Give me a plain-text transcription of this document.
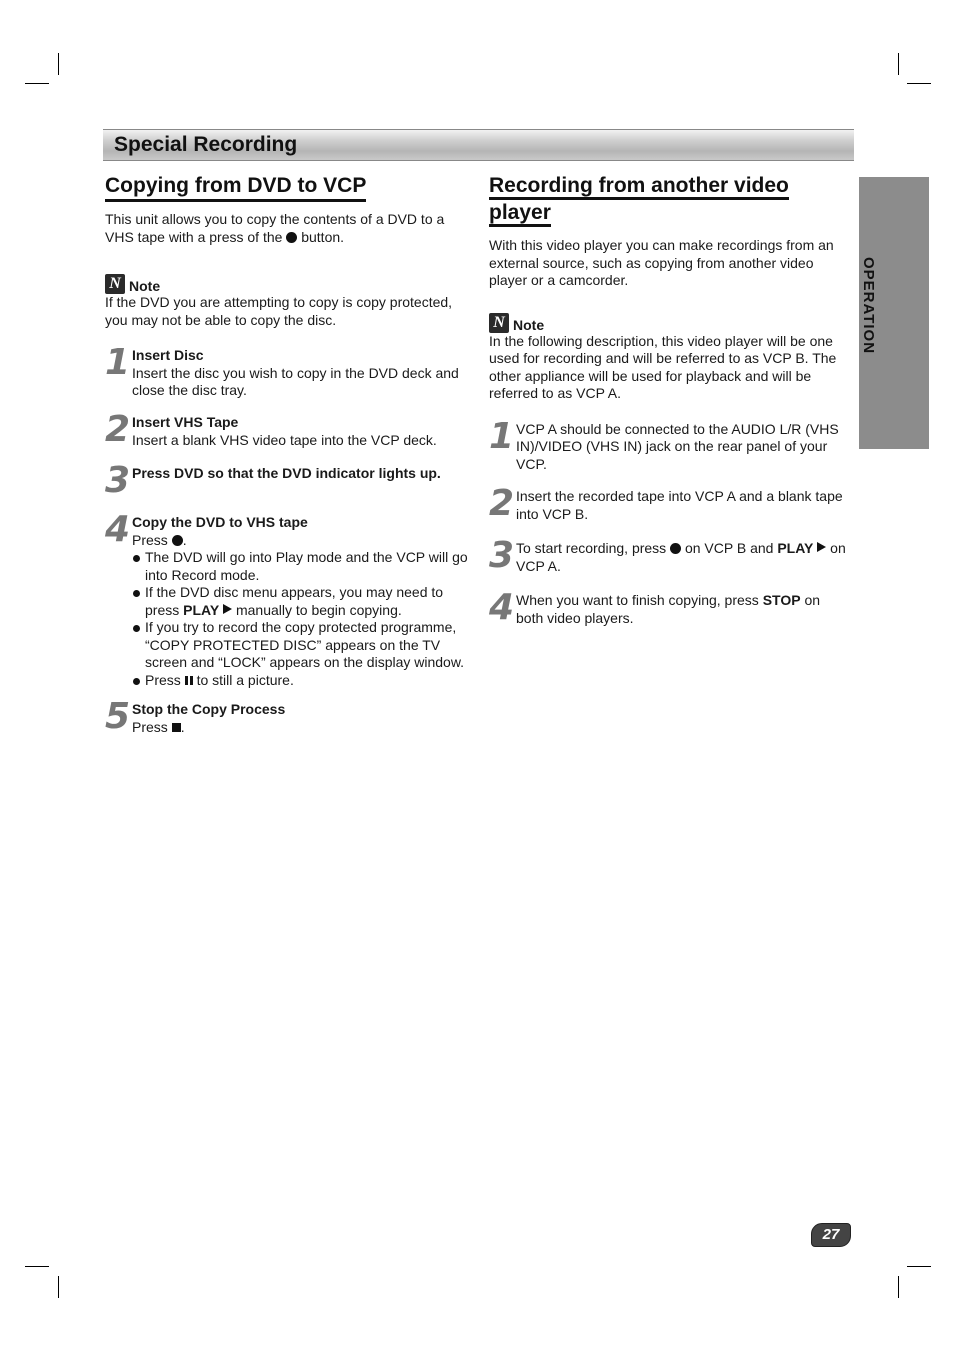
Special Recording
OPERATION
Copying from DVD to VCP

This unit allows you to copy the contents of a DVD to a VHS tape with a press of the button.

N Note

If the DVD you are attempting to copy is copy protected, you may not be able to copy the disc.

1 Insert Disc

Insert the disc you wish to copy in the DVD deck and close the disc tray.

2 Insert VHS Tape

Insert a blank VHS video tape into the VCP deck.

3 Press DVD so that the DVD indicator lights up.
4 Copy the DVD to VHS tape

Press .

The DVD will go into Play mode and the VCP will go into Record mode.
If the DVD disc menu appears, you may need to press PLAY manually to begin copying.
If you try to record the copy protected programme, “COPY PROTECTED DISC” appears on the TV screen and “LOCK” appears on the display window.
Press to still a picture.
5 Stop the Copy Process

Press .

Recording from another video
player

With this video player you can make recordings from an external source, such as copying from another video player or a camcorder.

N Note

In the following description, this video player will be one used for recording and will be referred to as VCP B. The other appliance will be used for playback and will be referred to as VCP A.

1 VCP A should be connected to the AUDIO L/R (VHS IN)/VIDEO (VHS IN) jack on the rear panel of your VCP.

2 Insert the recorded tape into VCP A and a blank tape into VCP B.

3 To start recording, press on VCP B and PLAY on VCP A.

4 When you want to finish copying, press STOP on both video players.

27
